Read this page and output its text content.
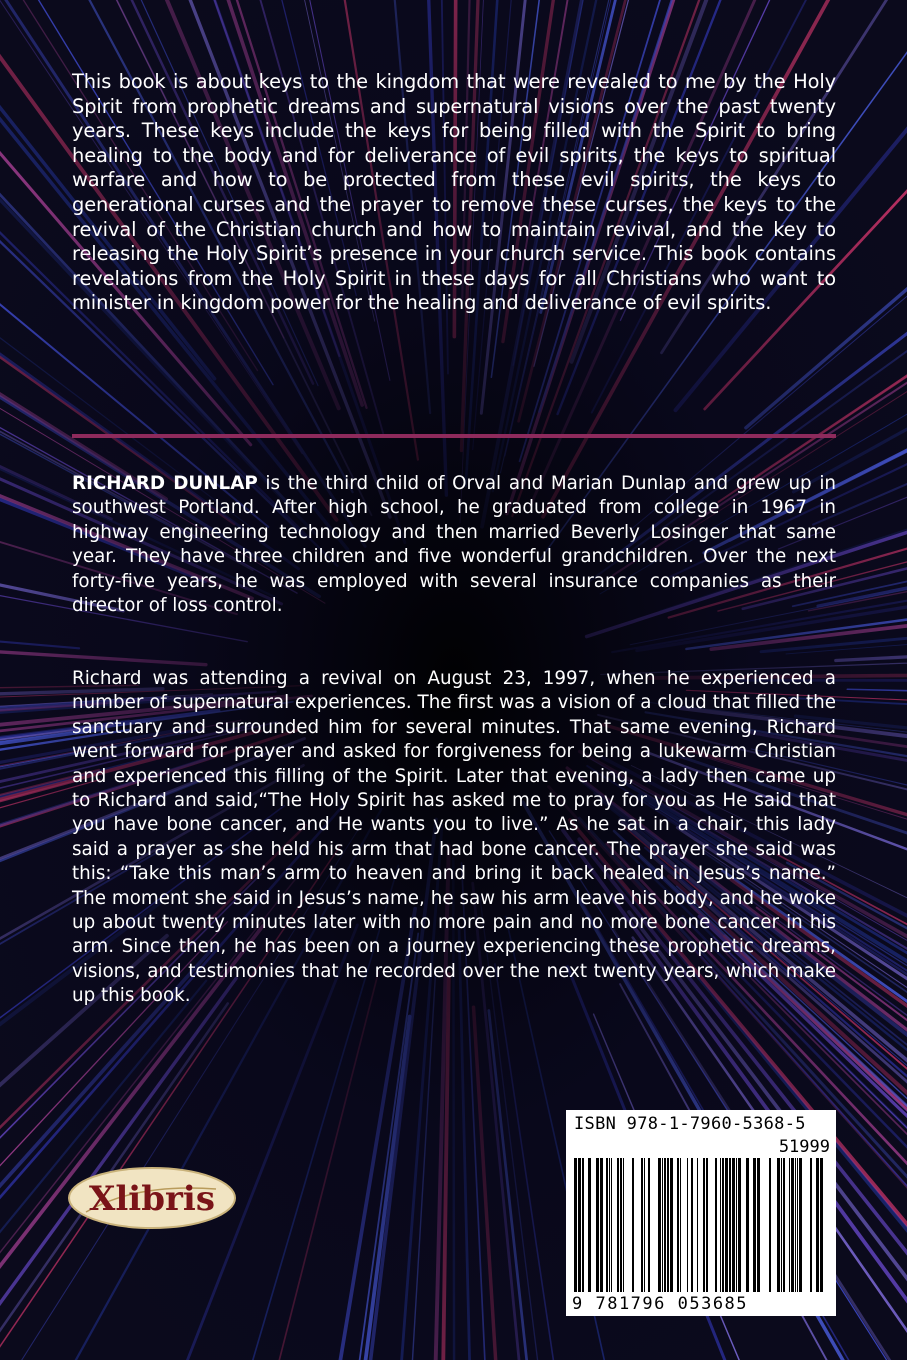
This book is about keys to the kingdom that were revealed to me by the Holy Spirit from prophetic dreams and supernatural visions over the past twenty years. These keys include the keys for being filled with the Spirit to bring healing to the body and for deliverance of evil spirits, the keys to spiritual warfare and how to be protected from these evil spirits, the keys to generational curses and the prayer to remove these curses, the keys to the revival of the Christian church and how to maintain revival, and the key to releasing the Holy Spirit’s presence in your church service. This book contains revelations from the Holy Spirit in these days for all Christians who want to minister in kingdom power for the healing and deliverance of evil spirits.

RICHARD DUNLAP is the third child of Orval and Marian Dunlap and grew up in southwest Portland. After high school, he graduated from college in 1967 in highway engineering technology and then married Beverly Losinger that same year. They have three children and five wonderful grandchildren. Over the next forty-five years, he was employed with several insurance companies as their director of loss control.

Richard was attending a revival on August 23, 1997, when he experienced a number of supernatural experiences. The first was a vision of a cloud that filled the sanctuary and surrounded him for several minutes. That same evening, Richard went forward for prayer and asked for forgiveness for being a lukewarm Christian and experienced this filling of the Spirit. Later that evening, a lady then came up to Richard and said,“The Holy Spirit has asked me to pray for you as He said that you have bone cancer, and He wants you to live.” As he sat in a chair, this lady said a prayer as she held his arm that had bone cancer. The prayer she said was this: “Take this man’s arm to heaven and bring it back healed in Jesus’s name.” The moment she said in Jesus’s name, he saw his arm leave his body, and he woke up about twenty minutes later with no more pain and no more bone cancer in his arm. Since then, he has been on a journey experiencing these prophetic dreams, visions, and testimonies that he recorded over the next twenty years, which make up this book.

Xlibris
ISBN 978-1-7960-5368-5
51999
9 781796 053685
